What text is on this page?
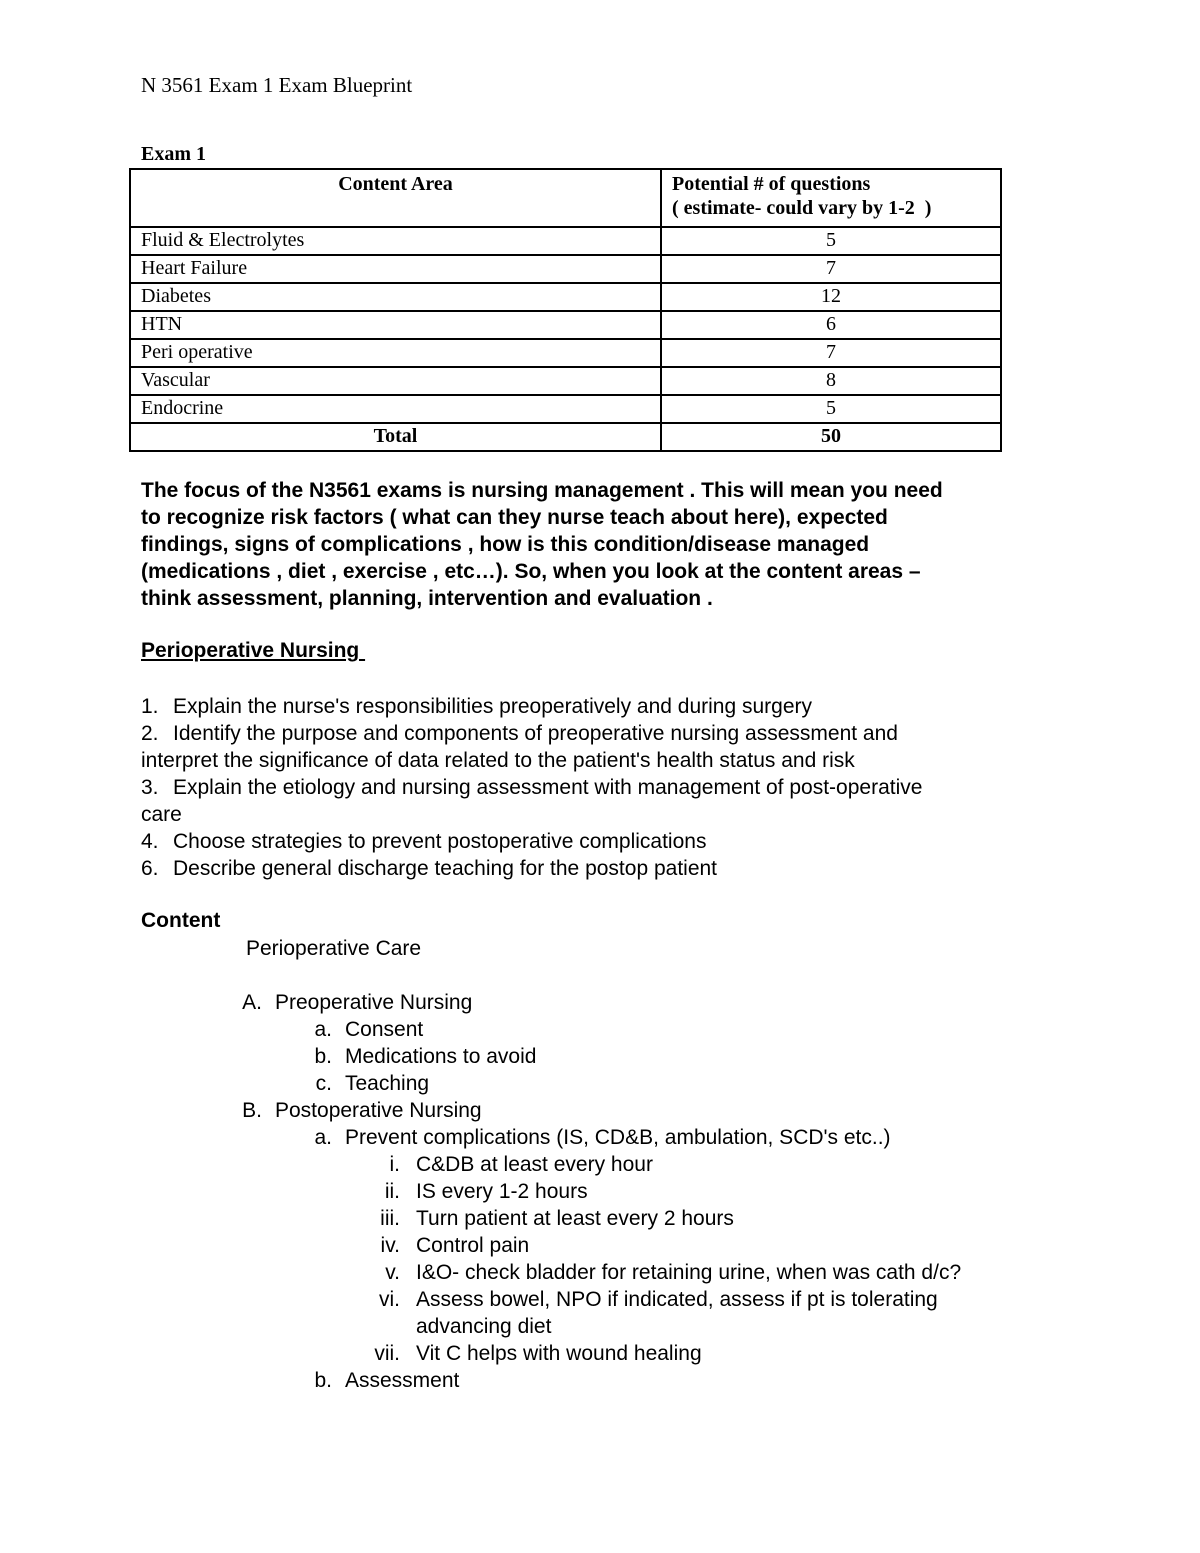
N 3561 Exam 1 Exam Blueprint
Exam 1
Content Area	Potential # of questions
( estimate- could vary by 1-2  )

Fluid & Electrolytes	5
Heart Failure	7
Diabetes	12
HTN	6
Peri operative	7
Vascular	8
Endocrine	5
Total	50
The focus of the N3561 exams is nursing management . This will mean you need
to recognize risk factors ( what can they nurse teach about here), expected
findings, signs of complications , how is this condition/disease managed
(medications , diet , exercise , etc…). So, when you look at the content areas –
think assessment, planning, intervention and evaluation .
Perioperative Nursing
1. Explain the nurse's responsibilities preoperatively and during surgery
2. Identify the purpose and components of preoperative nursing assessment and
interpret the significance of data related to the patient's health status and risk
3. Explain the etiology and nursing assessment with management of post-operative
care
4. Choose strategies to prevent postoperative complications
6. Describe general discharge teaching for the postop patient
Content
Perioperative Care
A. Preoperative Nursing
a. Consent
b. Medications to avoid
c. Teaching
B. Postoperative Nursing
a. Prevent complications (IS, CD&B, ambulation, SCD's etc..)
i. C&DB at least every hour
ii. IS every 1-2 hours
iii. Turn patient at least every 2 hours
iv. Control pain
v. I&O- check bladder for retaining urine, when was cath d/c?
vi. Assess bowel, NPO if indicated, assess if pt is tolerating
advancing diet
vii. Vit C helps with wound healing
b. Assessment
